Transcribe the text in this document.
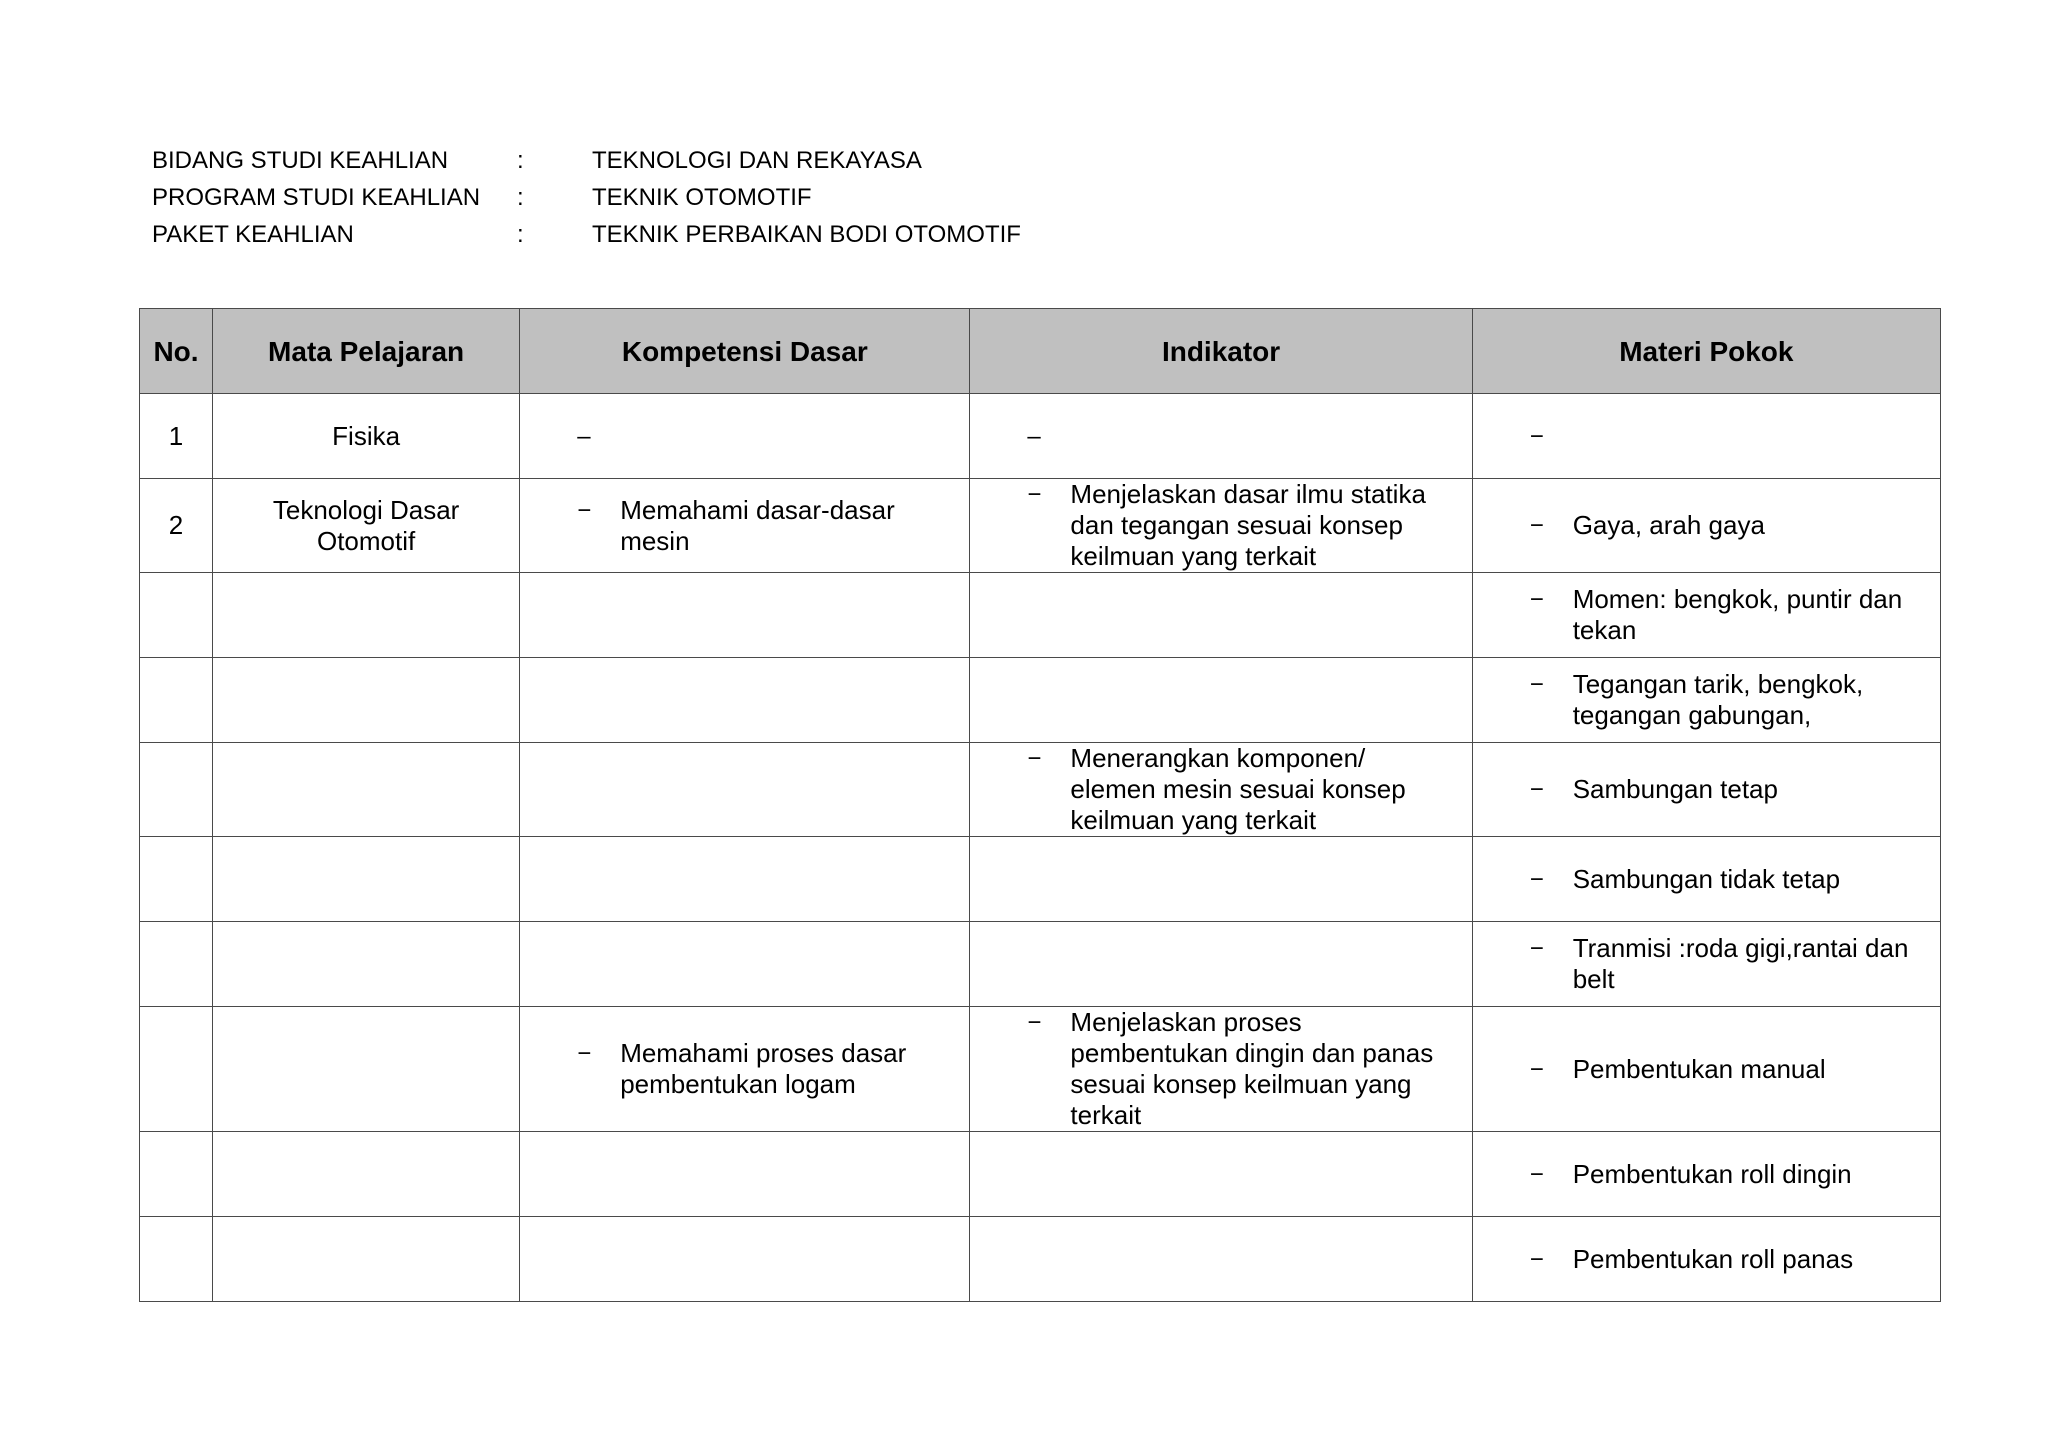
BIDANG STUDI KEAHLIAN	:	TEKNOLOGI DAN REKAYASA
PROGRAM STUDI KEAHLIAN	:	TEKNIK OTOMOTIF
PAKET KEAHLIAN	:	TEKNIK PERBAIKAN BODI OTOMOTIF
No.	Mata Pelajaran	Kompetensi Dasar	Indikator	Materi Pokok
1	Fisika	–	–	−

2	Teknologi Dasar Otomotif	− Memahami dasar-dasar mesin	− Menjelaskan dasar ilmu statika dan tegangan sesuai konsep keilmuan yang terkait	− Gaya, arah gaya

				− Momen: bengkok, puntir dan tekan

				− Tegangan tarik, bengkok, tegangan gabungan,

			− Menerangkan komponen/ elemen mesin sesuai konsep keilmuan yang terkait	− Sambungan tetap

				− Sambungan tidak tetap

				− Tranmisi :roda gigi,rantai dan belt

		− Memahami proses dasar pembentukan logam	− Menjelaskan proses pembentukan dingin dan panas sesuai konsep keilmuan yang terkait	− Pembentukan manual

				− Pembentukan roll dingin

				− Pembentukan roll panas
